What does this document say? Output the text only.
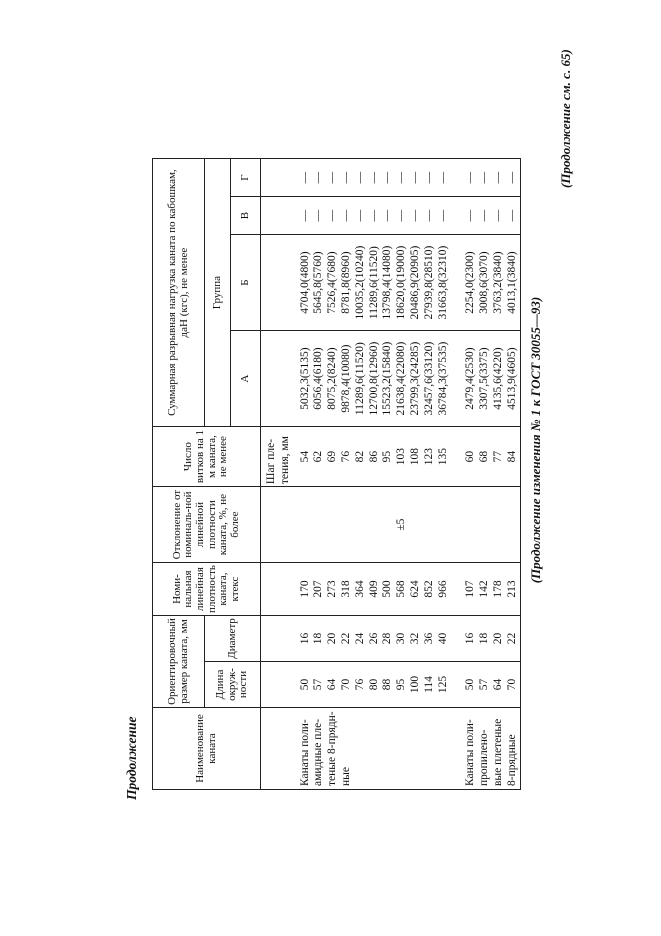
Продолжение	Наименование каната	Ориентировочный размер каната, мм		Номи-нальная линейная плотность каната, ктекс	Отклонение от номиналь-ной линейной плотности каната, %, не более	Число витков на 1 м каната, не менее	Суммарная разрывная нагрузка каната по кабошкам, даН (кгс), не менее			
	Длина окруж-ности	Диаметр				Группа			
						А	Б	В	Г
					Шаг пле-тения, мм				
Канаты поли-	50	16	170		54	5032,3(5135)	4704,0(4800)	—	—
амидные пле-	57	18	207		62	6056,4(6180)	5645,8(5760)	—	—
теные 8-прядн-	64	20	273		69	8075,2(8240)	7526,4(7680)	—	—
ные	70	22	318		76	9878,4(10080)	8781,8(8960)	—	—
	76	24	364		82	11289,6(11520)	10035,2(10240)	—	—
	80	26	409		86	12700,8(12960)	11289,6(11520)	—	—
	88	28	500		95	15523,2(15840)	13798,4(14080)	—	—
	95	30	568	±5	103	21638,4(22080)	18620,0(19000)	—	—
	100	32	624		108	23799,3(24285)	20486,9(20905)	—	—
	114	36	852		123	32457,6(33120)	27939,8(28510)	—	—
	125	40	966		135	36784,3(37535)	31663,8(32310)	—	—

Канаты поли-	50	16	107		60	2479,4(2530)	2254,0(2300)	—	—
пропилено-	57	18	142		68	3307,5(3375)	3008,6(3070)	—	—
вые плетеные	64	20	178		77	4135,6(4220)	3763,2(3840)	—	—
8-прядные	70	22	213		84	4513,9(4605)	4013,1(3840)	—	—
(Продолжение изменения № 1 к ГОСТ 30055—93)
(Продолжение см. с. 65)
